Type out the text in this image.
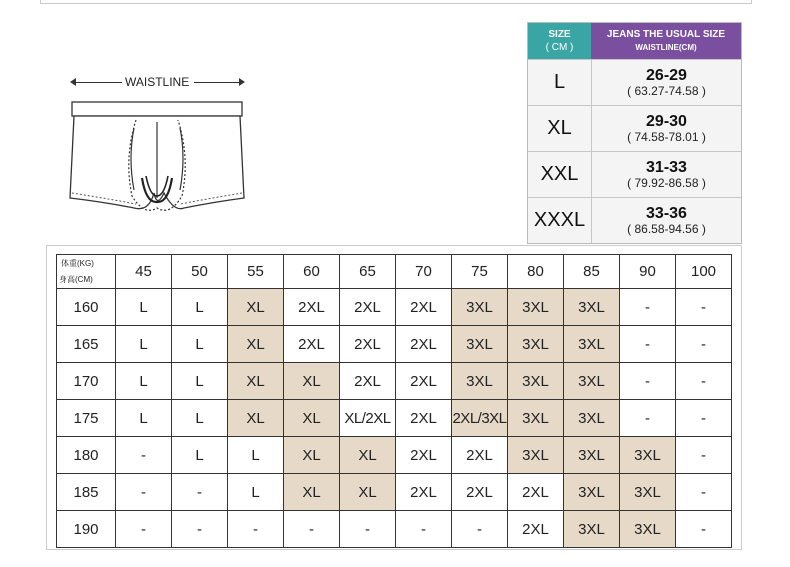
WAISTLINE
SIZE
( CM )
JEANS THE USUAL SIZE
WAISTLINE(CM)
L	26-29
( 63.27-74.58 )
XL	29-30
( 74.58-78.01 )
XXL	31-33
( 79.92-86.58 )
XXXL	33-36
( 86.58-94.56 )
体重(KG)
身高(CM)	45	50	55	60	65	70	75	80	85	90	100
160	L	L	XL	2XL	2XL	2XL	3XL	3XL	3XL	-	-
165	L	L	XL	2XL	2XL	2XL	3XL	3XL	3XL	-	-
170	L	L	XL	XL	2XL	2XL	3XL	3XL	3XL	-	-
175	L	L	XL	XL	XL/2XL	2XL	2XL/3XL	3XL	3XL	-	-
180	-	L	L	XL	XL	2XL	2XL	3XL	3XL	3XL	-
185	-	-	L	XL	XL	2XL	2XL	2XL	3XL	3XL	-
190	-	-	-	-	-	-	-	2XL	3XL	3XL	-
